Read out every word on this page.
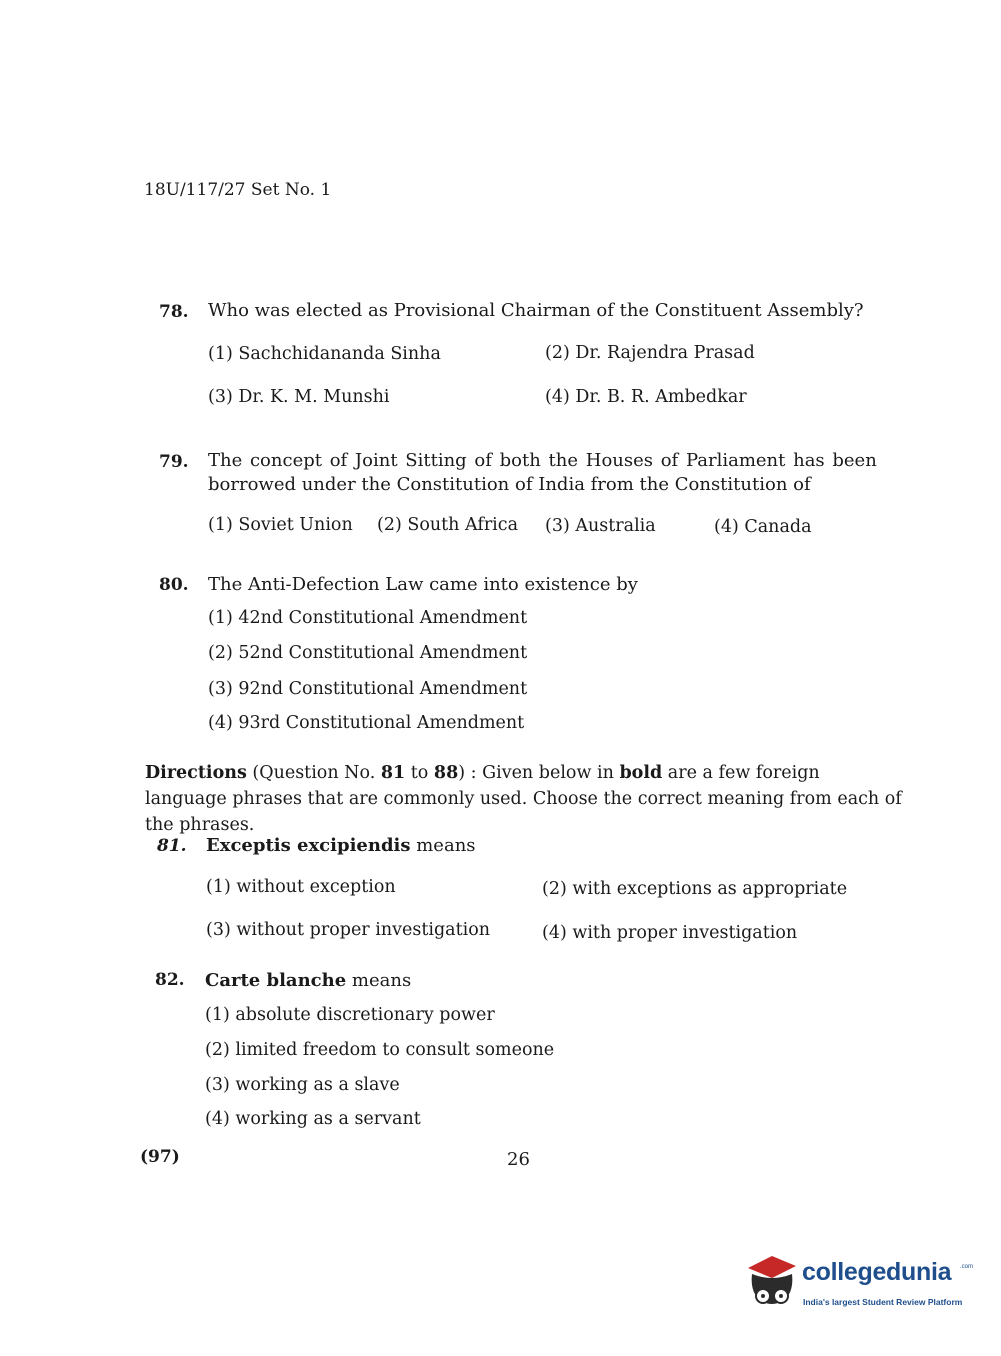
18U/117/27 Set No. 1
78. Who was elected as Provisional Chairman of the Constituent Assembly?
(1) Sachchidananda Sinha	(2) Dr. Rajendra Prasad
(3) Dr. K. M. Munshi	(4) Dr. B. R. Ambedkar
79. The concept of Joint Sitting of both the Houses of Parliament has been
borrowed under the Constitution of India from the Constitution of
(1) Soviet Union (2) South Africa (3) Australia	(4) Canada
80. The Anti-Defection Law came into existence by
(1) 42nd Constitutional Amendment
(2) 52nd Constitutional Amendment
(3) 92nd Constitutional Amendment
(4) 93rd Constitutional Amendment
Directions (Question No. 81 to 88) : Given below in bold are a few foreign language phrases that are commonly used. Choose the correct meaning from each of the phrases.
81. Exceptis excipiendis means
(1) without exception	(2) with exceptions as appropriate
(3) without proper investigation	(4) with proper investigation
82. Carte blanche means
(1) absolute discretionary power
(2) limited freedom to consult someone
(3) working as a slave
(4) working as a servant
(97)	26
collegedunia .com
India's largest Student Review Platform
